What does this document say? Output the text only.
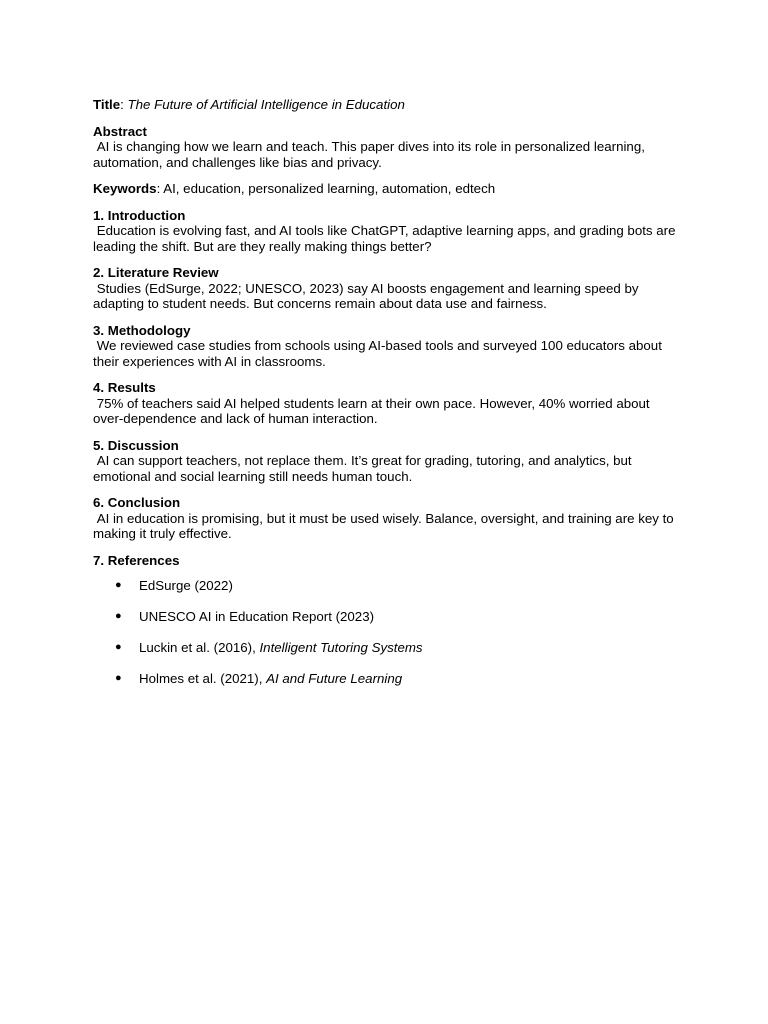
Title: The Future of Artificial Intelligence in Education

Abstract
AI is changing how we learn and teach. This paper dives into its role in personalized learning, automation, and challenges like bias and privacy.

Keywords: AI, education, personalized learning, automation, edtech

1. Introduction
Education is evolving fast, and AI tools like ChatGPT, adaptive learning apps, and grading bots are leading the shift. But are they really making things better?
2. Literature Review
Studies (EdSurge, 2022; UNESCO, 2023) say AI boosts engagement and learning speed by adapting to student needs. But concerns remain about data use and fairness.
3. Methodology
We reviewed case studies from schools using AI-based tools and surveyed 100 educators about their experiences with AI in classrooms.
4. Results
75% of teachers said AI helped students learn at their own pace. However, 40% worried about over-dependence and lack of human interaction.
5. Discussion
AI can support teachers, not replace them. It’s great for grading, tutoring, and analytics, but emotional and social learning still needs human touch.
6. Conclusion
AI in education is promising, but it must be used wisely. Balance, oversight, and training are key to making it truly effective.
7. References
● EdSurge (2022)
● UNESCO AI in Education Report (2023)
● Luckin et al. (2016), Intelligent Tutoring Systems
● Holmes et al. (2021), AI and Future Learning
